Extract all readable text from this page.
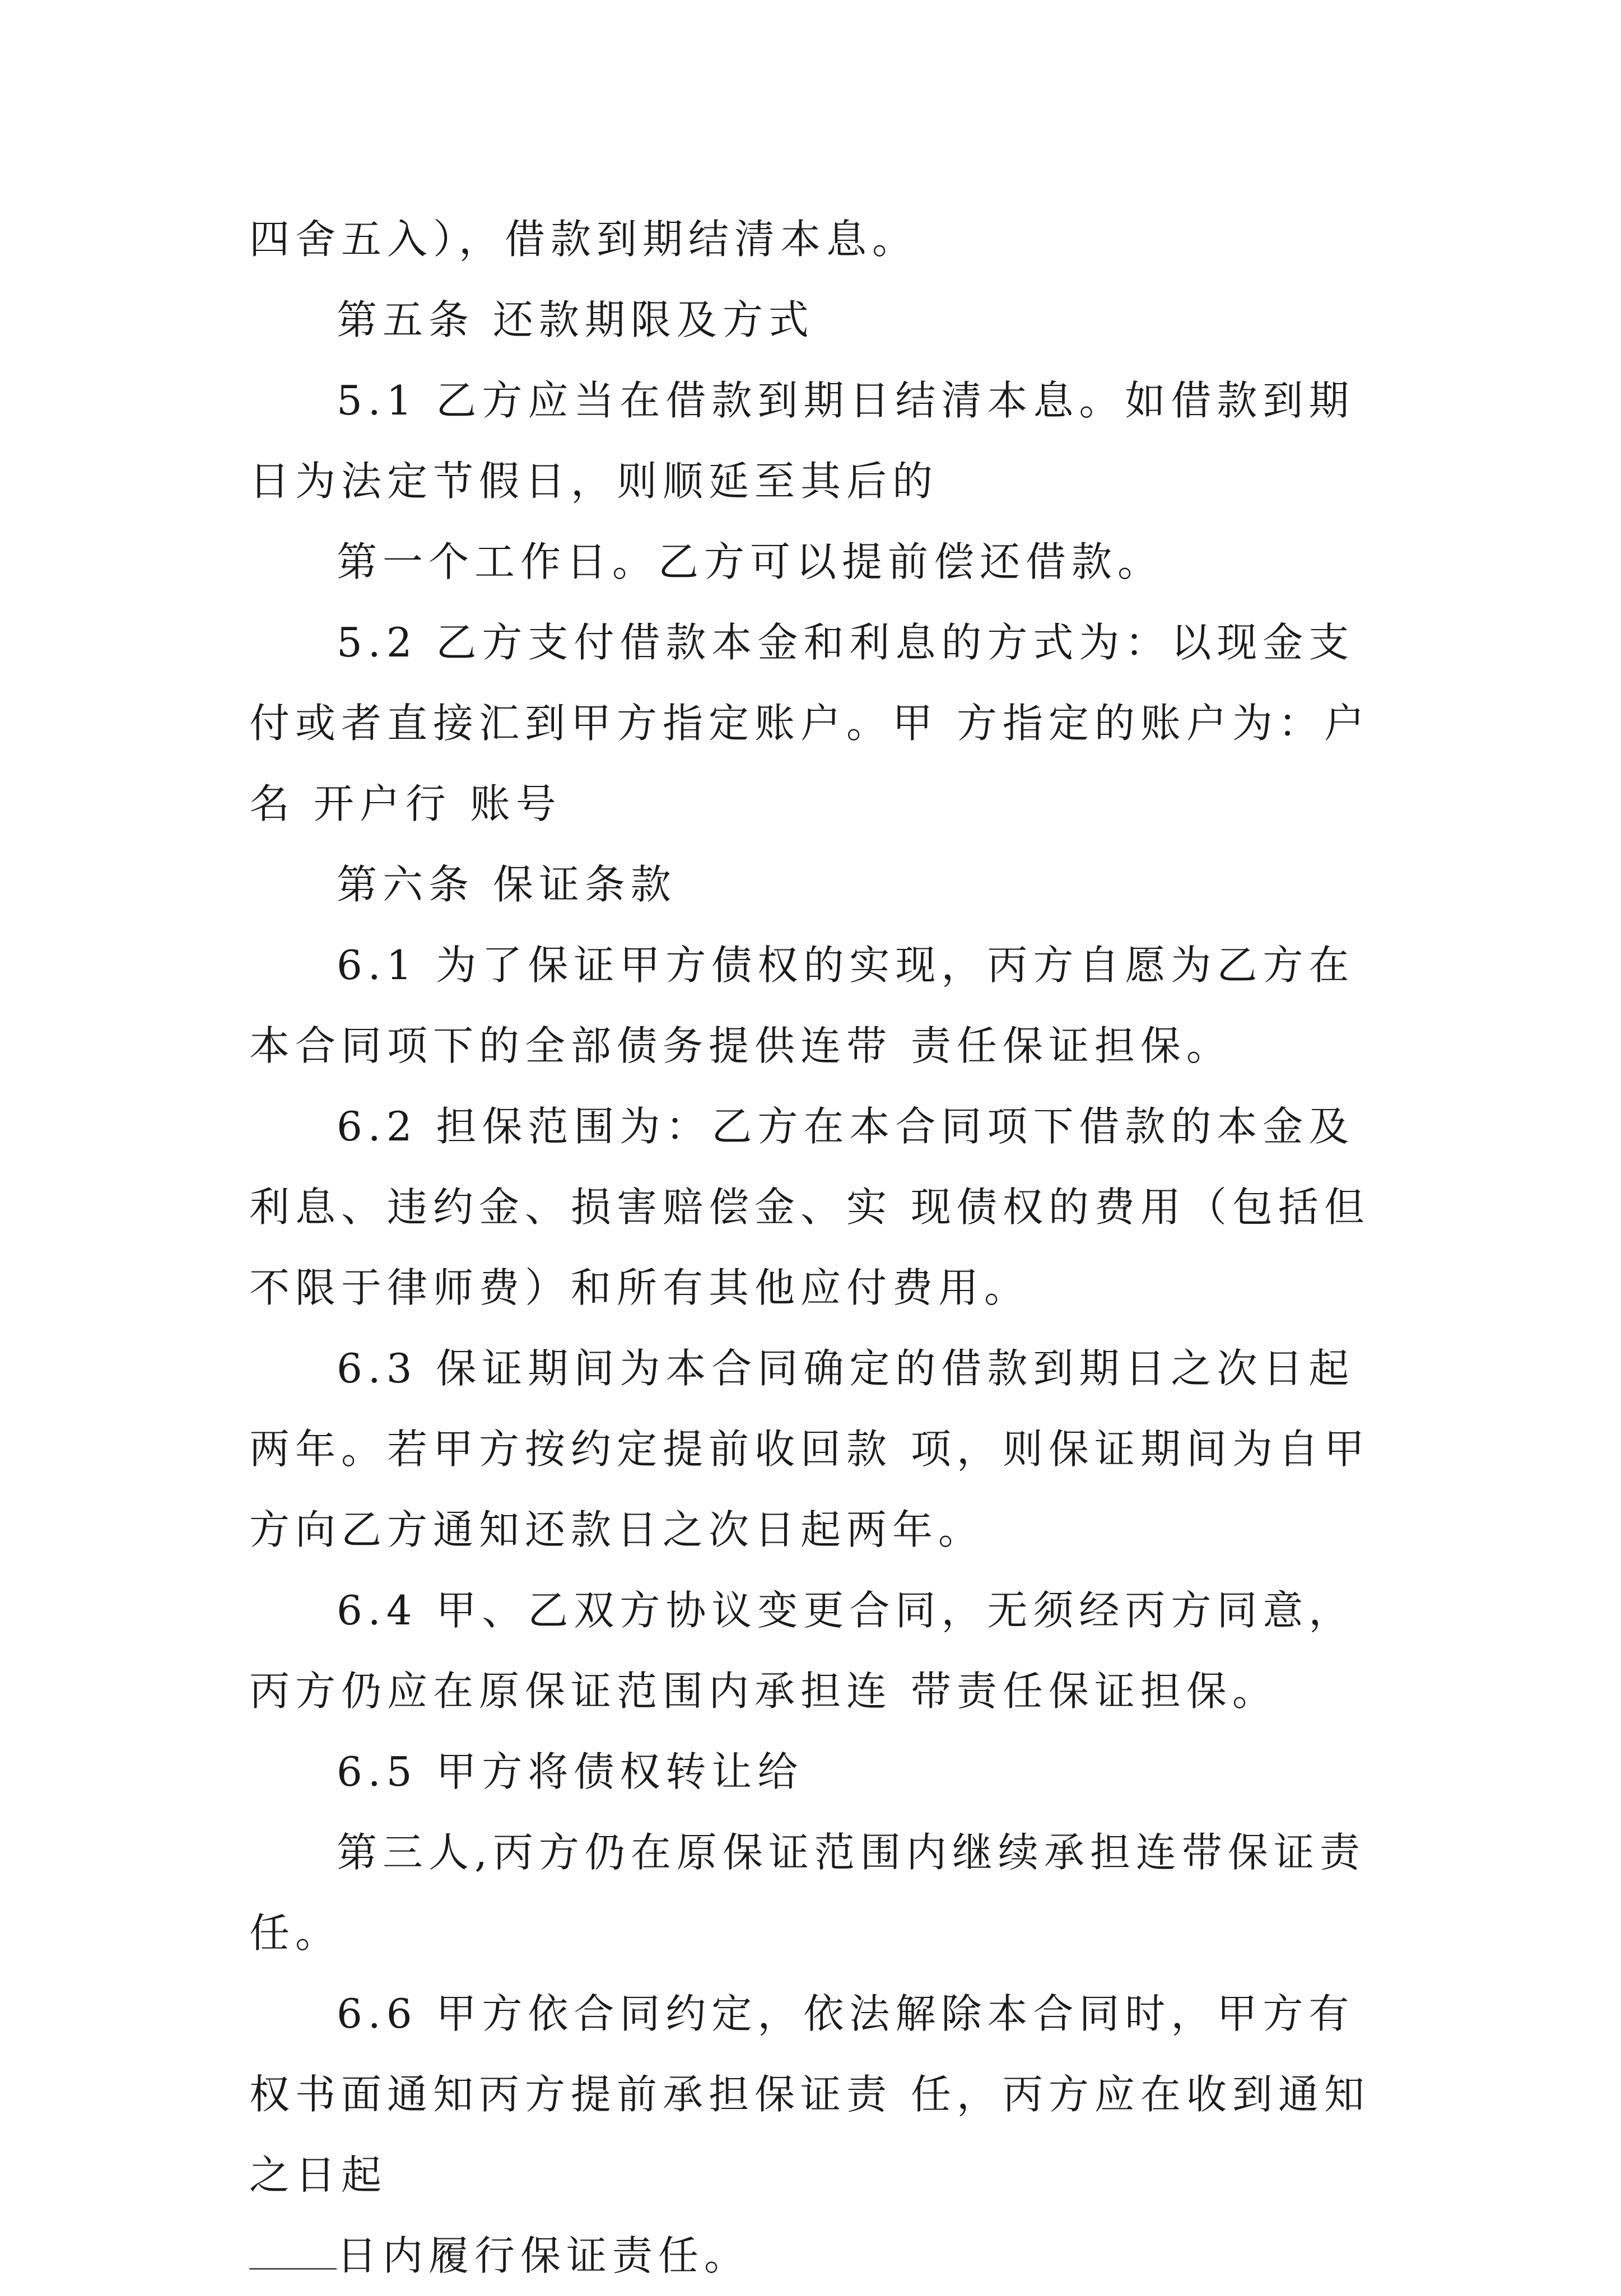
四舍五入），借款到期结清本息。

第五条 还款期限及方式

5.1 乙方应当在借款到期日结清本息。如借款到期日为法定节假日，则顺延至其后的

第一个工作日。乙方可以提前偿还借款。

5.2 乙方支付借款本金和利息的方式为：以现金支付或者直接汇到甲方指定账户。甲 方指定的账户为：户名 开户行 账号

第六条 保证条款

6.1 为了保证甲方债权的实现，丙方自愿为乙方在本合同项下的全部债务提供连带 责任保证担保。

6.2 担保范围为：乙方在本合同项下借款的本金及利息、违约金、损害赔偿金、实 现债权的费用（包括但不限于律师费）和所有其他应付费用。

6.3 保证期间为本合同确定的借款到期日之次日起两年。若甲方按约定提前收回款 项，则保证期间为自甲方向乙方通知还款日之次日起两年。

6.4 甲、乙双方协议变更合同，无须经丙方同意，丙方仍应在原保证范围内承担连 带责任保证担保。

6.5 甲方将债权转让给

第三人,丙方仍在原保证范围内继续承担连带保证责任。

6.6 甲方依合同约定，依法解除本合同时，甲方有权书面通知丙方提前承担保证责 任，丙方应在收到通知之日起

日内履行保证责任。
